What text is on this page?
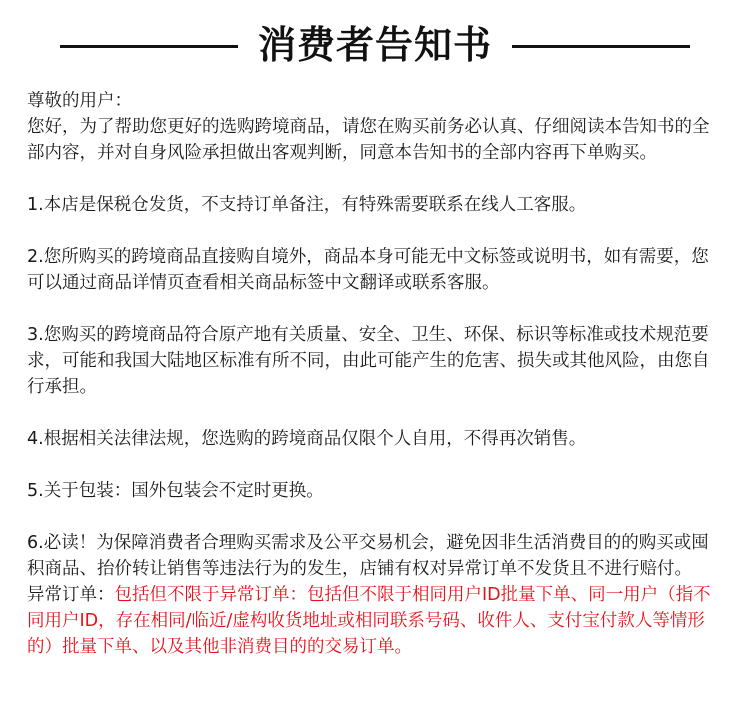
消费者告知书

尊敬的用户：

您好，为了帮助您更好的选购跨境商品，请您在购买前务必认真、仔细阅读本告知书的全部内容，并对自身风险承担做出客观判断，同意本告知书的全部内容再下单购买。

1.本店是保税仓发货，不支持订单备注，有特殊需要联系在线人工客服。

2.您所购买的跨境商品直接购自境外，商品本身可能无中文标签或说明书，如有需要，您可以通过商品详情页查看相关商品标签中文翻译或联系客服。

3.您购买的跨境商品符合原产地有关质量、安全、卫生、环保、标识等标准或技术规范要求，可能和我国大陆地区标准有所不同，由此可能产生的危害、损失或其他风险，由您自行承担。

4.根据相关法律法规，您选购的跨境商品仅限个人自用，不得再次销售。

5.关于包装：国外包装会不定时更换。

6.必读！为保障消费者合理购买需求及公平交易机会，避免因非生活消费目的的购买或囤积商品、抬价转让销售等违法行为的发生，店铺有权对异常订单不发货且不进行赔付。

异常订单：包括但不限于异常订单：包括但不限于相同用户ID批量下单、同一用户（指不同用户ID，存在相同/临近/虚构收货地址或相同联系号码、收件人、支付宝付款人等情形的）批量下单、以及其他非消费目的的交易订单。
